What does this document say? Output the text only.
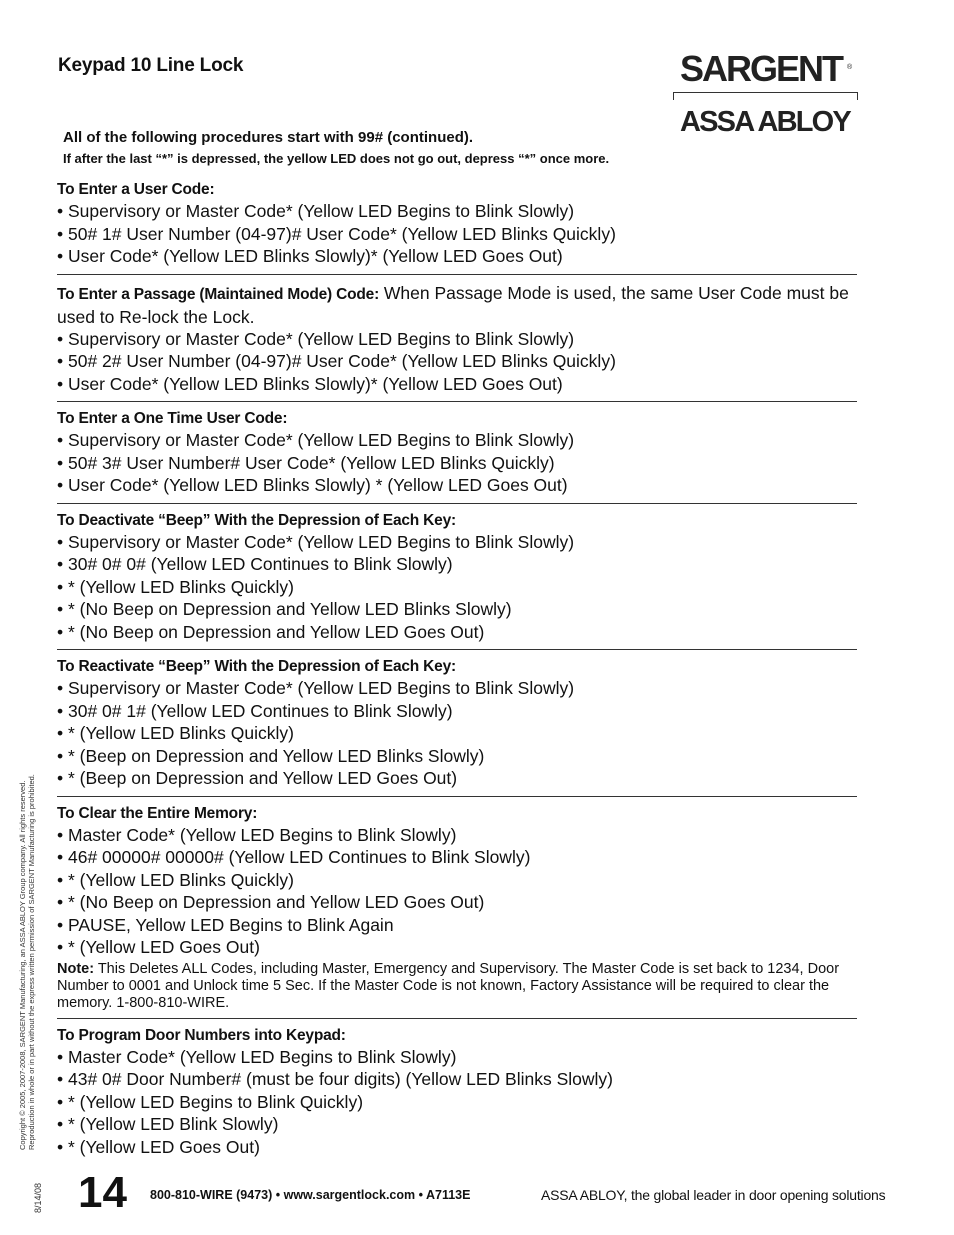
Keypad 10 Line Lock	SARGENT ®
ASSA ABLOY
All of the following procedures start with 99# (continued).
If after the last “*” is depressed, the yellow LED does not go out, depress “*” once more.
To Enter a User Code:
• Supervisory or Master Code* (Yellow LED Begins to Blink Slowly)
• 50# 1# User Number (04-97)# User Code* (Yellow LED Blinks Quickly)
• User Code* (Yellow LED Blinks Slowly)* (Yellow LED Goes Out)
To Enter a Passage (Maintained Mode) Code: When Passage Mode is used, the same User Code must be used to Re-lock the Lock.
• Supervisory or Master Code* (Yellow LED Begins to Blink Slowly)
• 50# 2# User Number (04-97)# User Code* (Yellow LED Blinks Quickly)
• User Code* (Yellow LED Blinks Slowly)* (Yellow LED Goes Out)
To Enter a One Time User Code:
• Supervisory or Master Code* (Yellow LED Begins to Blink Slowly)
• 50# 3# User Number# User Code* (Yellow LED Blinks Quickly)
• User Code* (Yellow LED Blinks Slowly) * (Yellow LED Goes Out)
To Deactivate “Beep” With the Depression of Each Key:
• Supervisory or Master Code* (Yellow LED Begins to Blink Slowly)
• 30# 0# 0# (Yellow LED Continues to Blink Slowly)
• * (Yellow LED Blinks Quickly)
• * (No Beep on Depression and Yellow LED Blinks Slowly)
• * (No Beep on Depression and Yellow LED Goes Out)
To Reactivate “Beep” With the Depression of Each Key:
• Supervisory or Master Code* (Yellow LED Begins to Blink Slowly)
• 30# 0# 1# (Yellow LED Continues to Blink Slowly)
• * (Yellow LED Blinks Quickly)
• * (Beep on Depression and Yellow LED Blinks Slowly)
• * (Beep on Depression and Yellow LED Goes Out)
To Clear the Entire Memory:
• Master Code* (Yellow LED Begins to Blink Slowly)
• 46# 00000# 00000# (Yellow LED Continues to Blink Slowly)
• * (Yellow LED Blinks Quickly)
• * (No Beep on Depression and Yellow LED Goes Out)
• PAUSE, Yellow LED Begins to Blink Again
• * (Yellow LED Goes Out)
Note: This Deletes ALL Codes, including Master, Emergency and Supervisory. The Master Code is set back to 1234, Door Number to 0001 and Unlock time 5 Sec. If the Master Code is not known, Factory Assistance will be required to clear the memory. 1-800-810-WIRE.
To Program Door Numbers into Keypad:
• Master Code* (Yellow LED Begins to Blink Slowly)
• 43# 0# Door Number# (must be four digits) (Yellow LED Blinks Slowly)
• * (Yellow LED Begins to Blink Quickly)
• * (Yellow LED Blink Slowly)
• * (Yellow LED Goes Out)
Copyright © 2005, 2007-2008, SARGENT Manufacturing, an ASSA ABLOY Group company. All rights reserved. Reproduction in whole or in part without the express written permission of SARGENT Manufacturing is prohibited.
8/14/08 14 800-810-WIRE (9473) • www.sargentlock.com • A7113E	ASSA ABLOY, the global leader in door opening solutions
